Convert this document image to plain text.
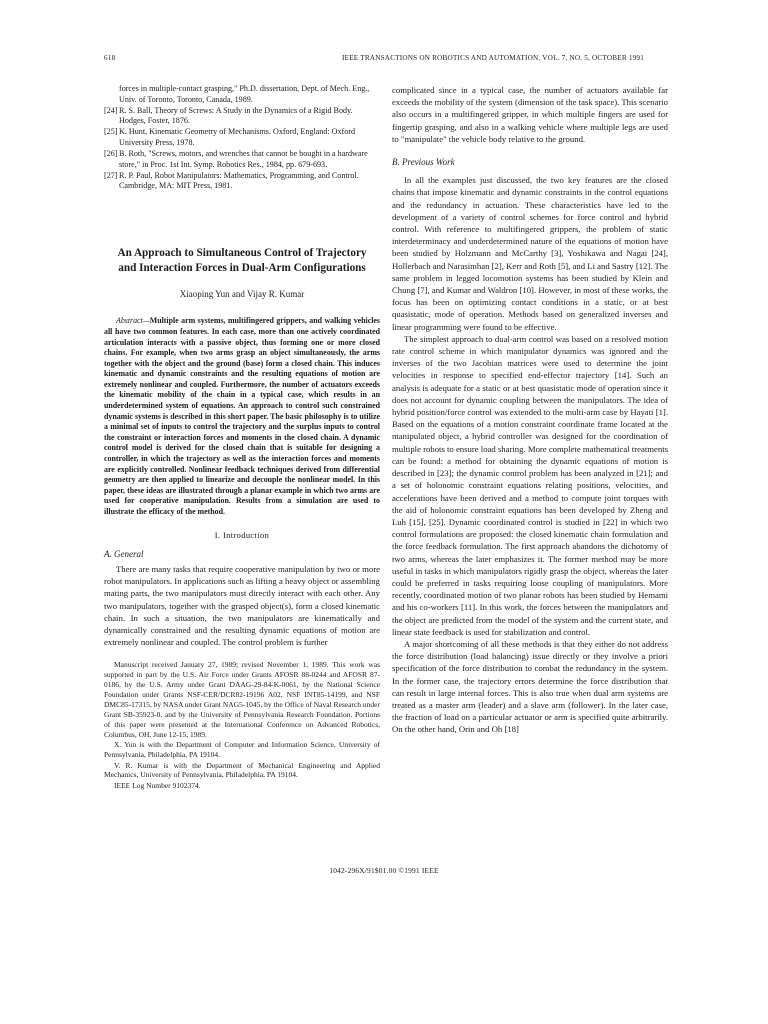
618	IEEE TRANSACTIONS ON ROBOTICS AND AUTOMATION, VOL. 7, NO. 5, OCTOBER 1991
forces in multiple-contact grasping," Ph.D. dissertation, Dept. of Mech. Eng., Univ. of Toronto, Toronto, Canada, 1989.
[24] R. S. Ball, Theory of Screws: A Study in the Dynamics of a Rigid Body. Hodges, Foster, 1876.
[25] K. Hunt, Kinematic Geometry of Mechanisms. Oxford, England: Oxford University Press, 1978.
[26] B. Roth, "Screws, motors, and wrenches that cannot be bought in a hardware store," in Proc. 1st Int. Symp. Robotics Res., 1984, pp. 679-693.
[27] R. P. Paul, Robot Manipulators: Mathematics, Programming, and Control. Cambridge, MA: MIT Press, 1981.
An Approach to Simultaneous Control of Trajectory and Interaction Forces in Dual-Arm Configurations
Xiaoping Yun and Vijay R. Kumar

Abstract—Multiple arm systems, multifingered grippers, and walking vehicles all have two common features. In each case, more than one actively coordinated articulation interacts with a passive object, thus forming one or more closed chains. For example, when two arms grasp an object simultaneously, the arms together with the object and the ground (base) form a closed chain. This induces kinematic and dynamic constraints and the resulting equations of motion are extremely nonlinear and coupled. Furthermore, the number of actuators exceeds the kinematic mobility of the chain in a typical case, which results in an underdetermined system of equations. An approach to control such constrained dynamic systems is described in this short paper. The basic philosophy is to utilize a minimal set of inputs to control the trajectory and the surplus inputs to control the constraint or interaction forces and moments in the closed chain. A dynamic control model is derived for the closed chain that is suitable for designing a controller, in which the trajectory as well as the interaction forces and moments are explicitly controlled. Nonlinear feedback techniques derived from differential geometry are then applied to linearize and decouple the nonlinear model. In this paper, these ideas are illustrated through a planar example in which two arms are used for cooperative manipulation. Results from a simulation are used to illustrate the efficacy of the method.

I. Introduction
A. General

There are many tasks that require cooperative manipulation by two or more robot manipulators. In applications such as lifting a heavy object or assembling mating parts, the two manipulators must directly interact with each other. Any two manipulators, together with the grasped object(s), form a closed kinematic chain. In such a situation, the two manipulators are kinematically and dynamically constrained and the resulting dynamic equations of motion are extremely nonlinear and coupled. The control problem is further

Manuscript received January 27, 1989; revised November 1, 1989. This work was supported in part by the U.S. Air Force under Grants AFOSR 88-0244 and AFOSR 87-0186, by the U.S. Army under Grant DAAG-29-84-K-0061, by the National Science Foundation under Grants NSF-CER/DCR82-19196 A02, NSF INT85-14199, and NSF DMC85-17315, by NASA under Grant NAG5-1045, by the Office of Naval Research under Grant SB-35923-0, and by the University of Pennsylvania Research Foundation. Portions of this paper were presented at the International Conference on Advanced Robotics, Columbus, OH, June 12-15, 1989.

X. Yun is with the Department of Computer and Information Science, University of Pennsylvania, Philadelphia, PA 19104.

V. R. Kumar is with the Department of Mechanical Engineering and Applied Mechanics, University of Pennsylvania, Philadelphia, PA 19104.

IEEE Log Number 9102374.

complicated since in a typical case, the number of actuators available far exceeds the mobility of the system (dimension of the task space). This scenario also occurs in a multifingered gripper, in which multiple fingers are used for fingertip grasping, and also in a walking vehicle where multiple legs are used to "manipulate" the vehicle body relative to the ground.

B. Previous Work

In all the examples just discussed, the two key features are the closed chains that impose kinematic and dynamic constraints in the control equations and the redundancy in actuation. These characteristics have led to the development of a variety of control schemes for force control and hybrid control. With reference to multifingered grippers, the problem of static interdeterminacy and underdetermined nature of the equations of motion have been studied by Holzmann and McCarthy [3], Yoshikawa and Nagai [24], Hollerbach and Narasimhan [2], Kerr and Roth [5], and Li and Sastry [12]. The same problem in legged locomotion systems has been studied by Klein and Chung [7], and Kumar and Waldron [10]. However, in most of these works, the focus has been on optimizing contact conditions in a static, or at best quasistatic, mode of operation. Methods based on generalized inverses and linear programming were found to be effective.

The simplest approach to dual-arm control was based on a resolved motion rate control scheme in which manipulator dynamics was ignored and the inverses of the two Jacobian matrices were used to determine the joint velocities in response to specified end-effector trajectory [14]. Such an analysis is adequate for a static or at best quasistatic mode of operation since it does not account for dynamic coupling between the manipulators. The idea of hybrid position/force control was extended to the multi-arm case by Hayati [1]. Based on the equations of a motion constraint coordinate frame located at the manipulated object, a hybrid controller was designed for the coordination of multiple robots to ensure load sharing. More complete mathematical treatments can be found: a method for obtaining the dynamic equations of motion is described in [23]; the dynamic control problem has been analyzed in [21]; and a set of holonomic constraint equations relating positions, velocities, and accelerations have been derived and a method to compute joint torques with the aid of holonomic constraint equations has been developed by Zheng and Luh [15], [25]. Dynamic coordinated control is studied in [22] in which two control formulations are proposed: the closed kinematic chain formulation and the force feedback formulation. The first approach abandons the dichotomy of two arms, whereas the later emphasizes it. The former method may be more useful in tasks in which manipulators rigidly grasp the object, whereas the later could be preferred in tasks requiring loose coupling of manipulators. More recently, coordinated motion of two planar robots has been studied by Hemami and his co-workers [11]. In this work, the forces between the manipulators and the object are predicted from the model of the system and the current state, and linear state feedback is used for stabilization and control.

A major shortcoming of all these methods is that they either do not address the force distribution (load balancing) issue directly or they involve a priori specification of the force distribution to combat the redundancy in the system. In the former case, the trajectory errors determine the force distribution that can result in large internal forces. This is also true when dual arm systems are treated as a master arm (leader) and a slave arm (follower). In the later case, the fraction of load on a particular actuator or arm is specified quite arbitrarily. On the other hand, Orin and Oh [18]

1042-296X/91$01.00 ©1991 IEEE
